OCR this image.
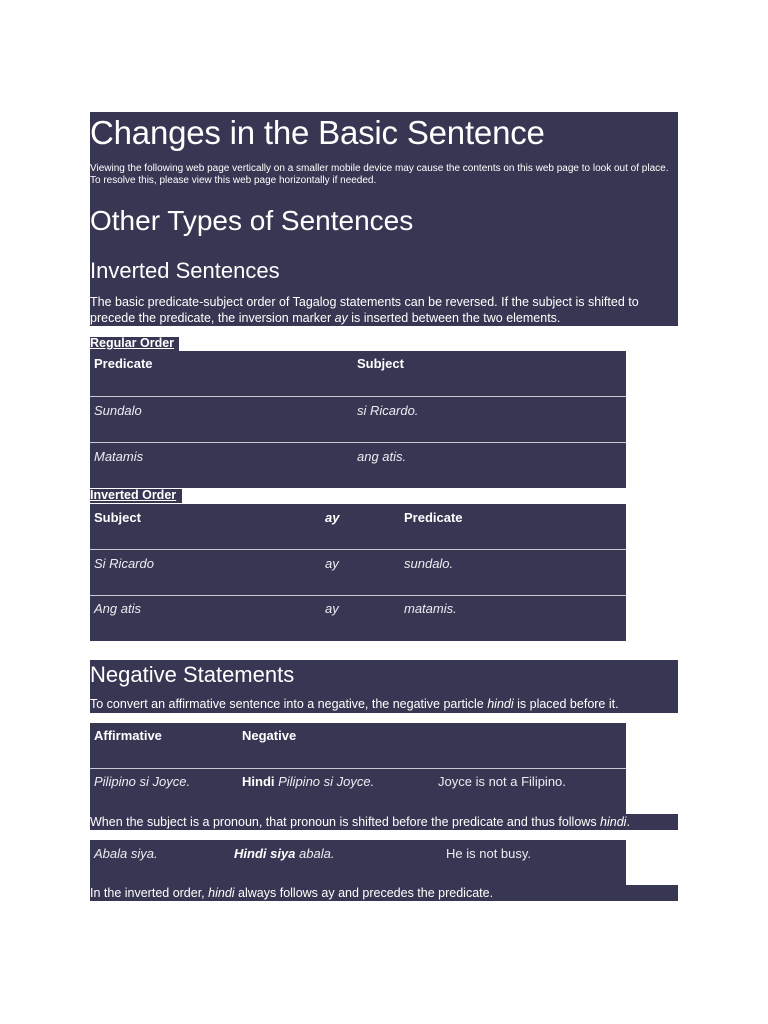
Changes in the Basic Sentence
Viewing the following web page vertically on a smaller mobile device may cause the contents on this web page to look out of place. To resolve this, please view this web page horizontally if needed.
Other Types of Sentences
Inverted Sentences
The basic predicate-subject order of Tagalog statements can be reversed. If the subject is shifted to precede the predicate, the inversion marker ay is inserted between the two elements.
Regular Order
Predicate	Subject
Sundalo	si Ricardo.
Matamis	ang atis.
Inverted Order
Subject	ay	Predicate
Si Ricardo	ay	sundalo.
Ang atis	ay	matamis.
Negative Statements
To convert an affirmative sentence into a negative, the negative particle hindi is placed before it.
Affirmative	Negative
Pilipino si Joyce.	Hindi Pilipino si Joyce.	Joyce is not a Filipino.
When the subject is a pronoun, that pronoun is shifted before the predicate and thus follows hindi.
Abala siya.	Hindi siya abala.	He is not busy.
In the inverted order, hindi always follows ay and precedes the predicate.
